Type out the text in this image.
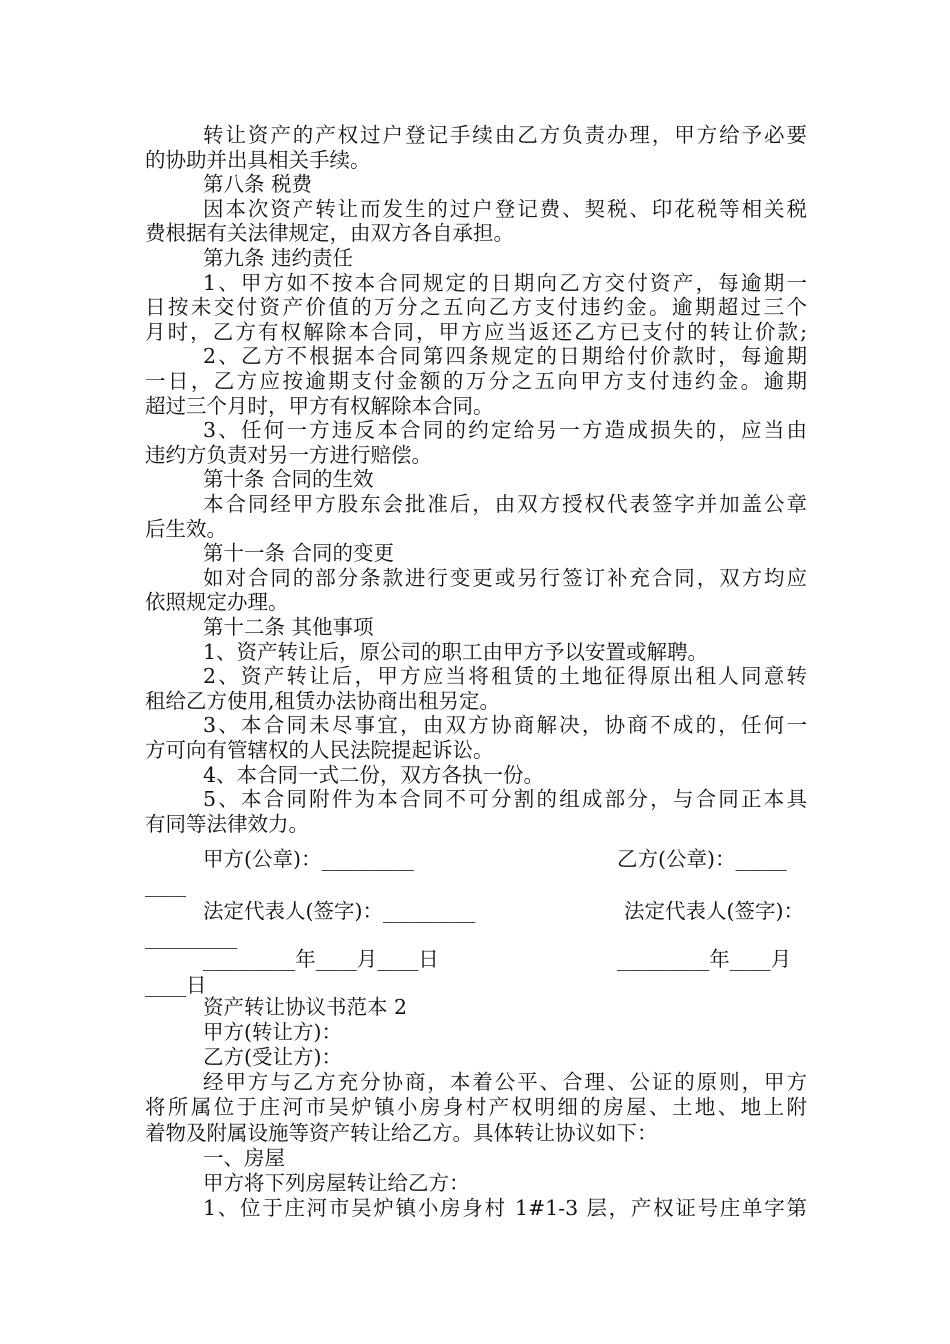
转让资产的产权过户登记手续由乙方负责办理，甲方给予必要
的协助并出具相关手续。
第八条 税费
因本次资产转让而发生的过户登记费、契税、印花税等相关税
费根据有关法律规定，由双方各自承担。
第九条 违约责任
1、甲方如不按本合同规定的日期向乙方交付资产，每逾期一
日按未交付资产价值的万分之五向乙方支付违约金。逾期超过三个
月时，乙方有权解除本合同，甲方应当返还乙方已支付的转让价款;
2、乙方不根据本合同第四条规定的日期给付价款时，每逾期
一日，乙方应按逾期支付金额的万分之五向甲方支付违约金。逾期
超过三个月时，甲方有权解除本合同。
3、任何一方违反本合同的约定给另一方造成损失的，应当由
违约方负责对另一方进行赔偿。
第十条 合同的生效
本合同经甲方股东会批准后，由双方授权代表签字并加盖公章
后生效。
第十一条 合同的变更
如对合同的部分条款进行变更或另行签订补充合同，双方均应
依照规定办理。
第十二条 其他事项
1、资产转让后，原公司的职工由甲方予以安置或解聘。
2、资产转让后，甲方应当将租赁的土地征得原出租人同意转
租给乙方使用,租赁办法协商出租另定。
3、本合同未尽事宜，由双方协商解决，协商不成的，任何一
方可向有管辖权的人民法院提起诉讼。
4、本合同一式二份，双方各执一份。
5、本合同附件为本合同不可分割的组成部分，与合同正本具
有同等法律效力。
甲方(公章)：_________	乙方(公章)：_____
____
法定代表人(签字)：_________	法定代表人(签字)：
_________
_________年____月____日	_________年____月
____日
资产转让协议书范本 2
甲方(转让方)：
乙方(受让方)：
经甲方与乙方充分协商，本着公平、合理、公证的原则，甲方
将所属位于庄河市吴炉镇小房身村产权明细的房屋、土地、地上附
着物及附属设施等资产转让给乙方。具体转让协议如下：
一、房屋
甲方将下列房屋转让给乙方：
1、位于庄河市吴炉镇小房身村 1#1-3 层，产权证号庄单字第
